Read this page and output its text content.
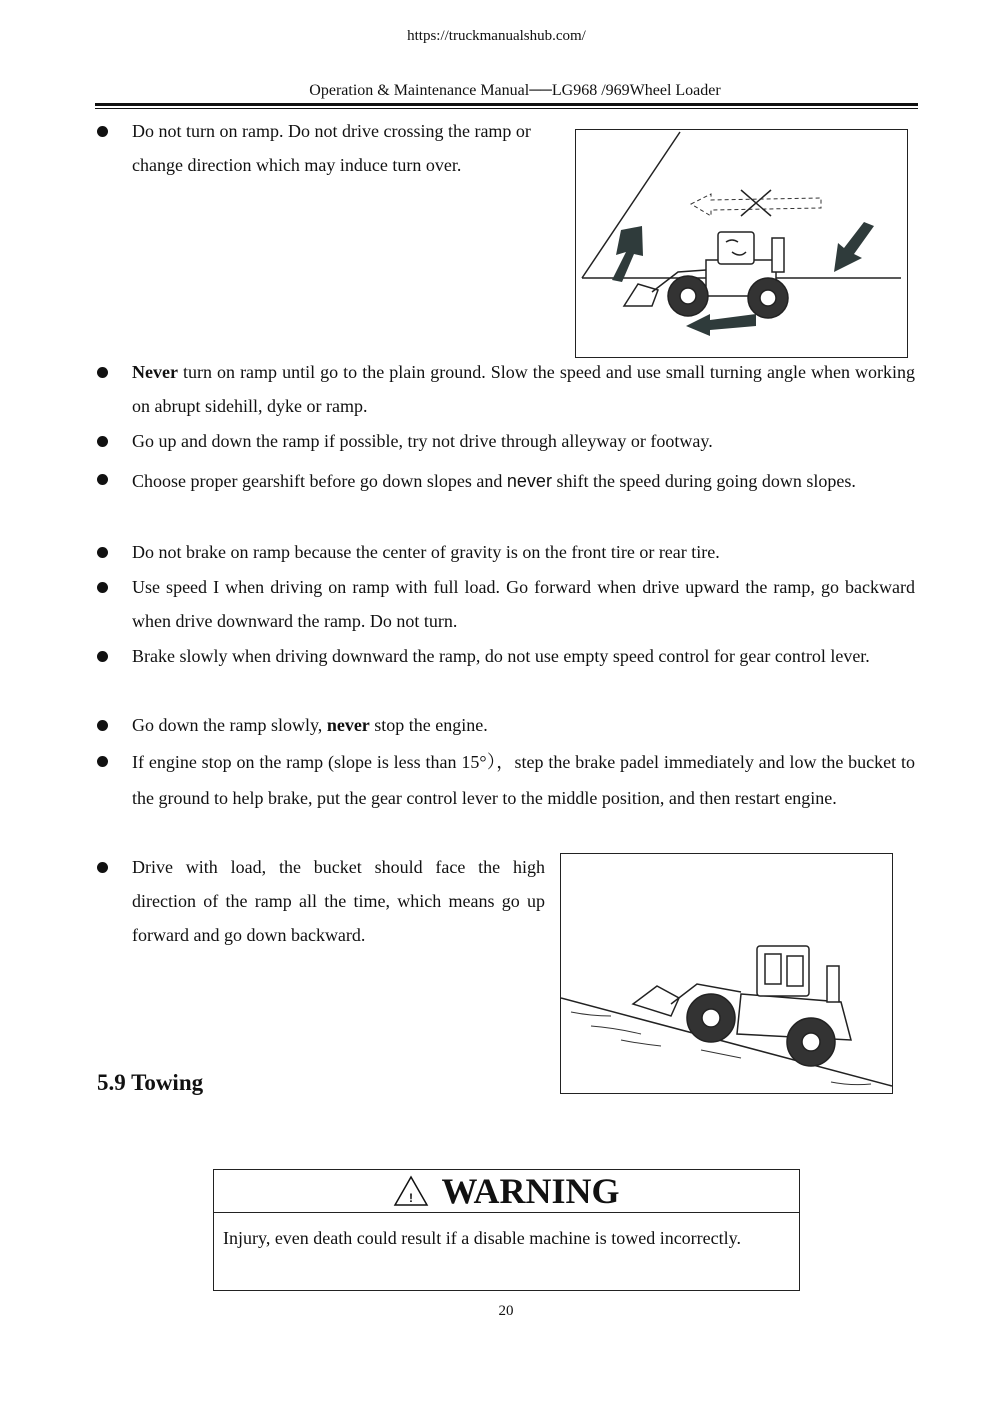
https://truckmanualshub.com/
Operation & Maintenance Manual──LG968 /969Wheel Loader
Do not turn on ramp. Do not drive crossing the ramp or change direction which may induce turn over.
Never turn on ramp until go to the plain ground. Slow the speed and use small turning angle when working on abrupt sidehill, dyke or ramp.
Go up and down the ramp if possible, try not drive through alleyway or footway.
Choose proper gearshift before go down slopes and never shift the speed during going down slopes.
Do not brake on ramp because the center of gravity is on the front tire or rear tire.
Use speed I when driving on ramp with full load. Go forward when drive upward the ramp, go backward when drive downward the ramp. Do not turn.
Brake slowly when driving downward the ramp, do not use empty speed control for gear control lever.
Go down the ramp slowly, never stop the engine.
If engine stop on the ramp (slope is less than 15°），step the brake padel immediately and low the bucket to the ground to help brake, put the gear control lever to the middle position, and then restart engine.
Drive with load, the bucket should face the high direction of the ramp all the time, which means go up forward and go down backward.
5.9 Towing
! WARNING
Injury, even death could result if a disable machine is towed incorrectly.
20
